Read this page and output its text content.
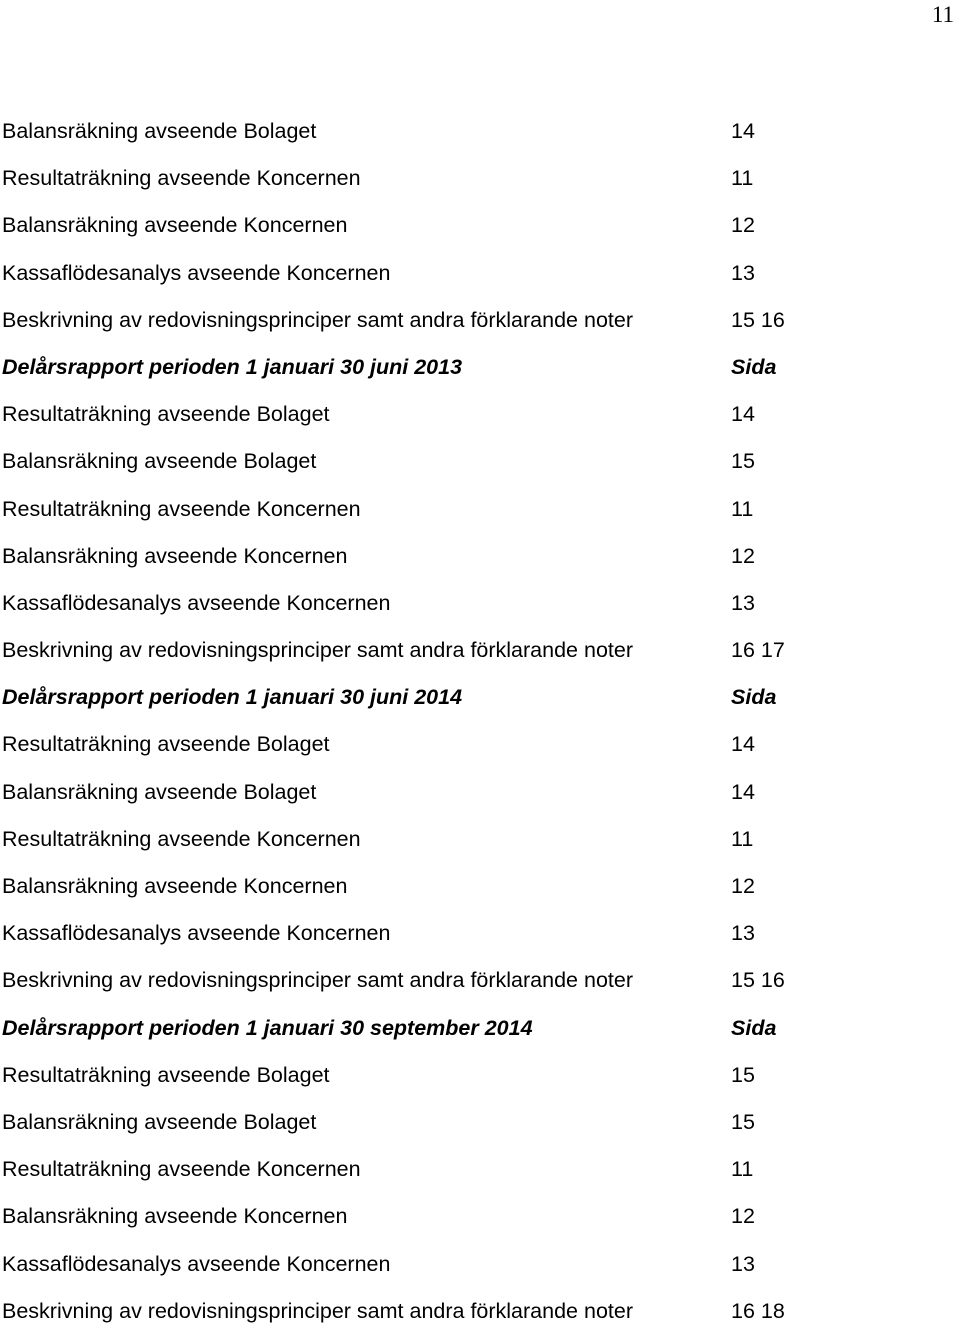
11
Balansräkning avseende Bolaget	14
Resultaträkning avseende Koncernen	11
Balansräkning avseende Koncernen	12
Kassaflödesanalys avseende Koncernen	13
Beskrivning av redovisningsprinciper samt andra förklarande noter	15 16
Delårsrapport perioden 1 januari 30 juni 2013	Sida
Resultaträkning avseende Bolaget	14
Balansräkning avseende Bolaget	15
Resultaträkning avseende Koncernen	11
Balansräkning avseende Koncernen	12
Kassaflödesanalys avseende Koncernen	13
Beskrivning av redovisningsprinciper samt andra förklarande noter	16 17
Delårsrapport perioden 1 januari 30 juni 2014	Sida
Resultaträkning avseende Bolaget	14
Balansräkning avseende Bolaget	14
Resultaträkning avseende Koncernen	11
Balansräkning avseende Koncernen	12
Kassaflödesanalys avseende Koncernen	13
Beskrivning av redovisningsprinciper samt andra förklarande noter	15 16
Delårsrapport perioden 1 januari 30 september 2014	Sida
Resultaträkning avseende Bolaget	15
Balansräkning avseende Bolaget	15
Resultaträkning avseende Koncernen	11
Balansräkning avseende Koncernen	12
Kassaflödesanalys avseende Koncernen	13
Beskrivning av redovisningsprinciper samt andra förklarande noter	16 18
